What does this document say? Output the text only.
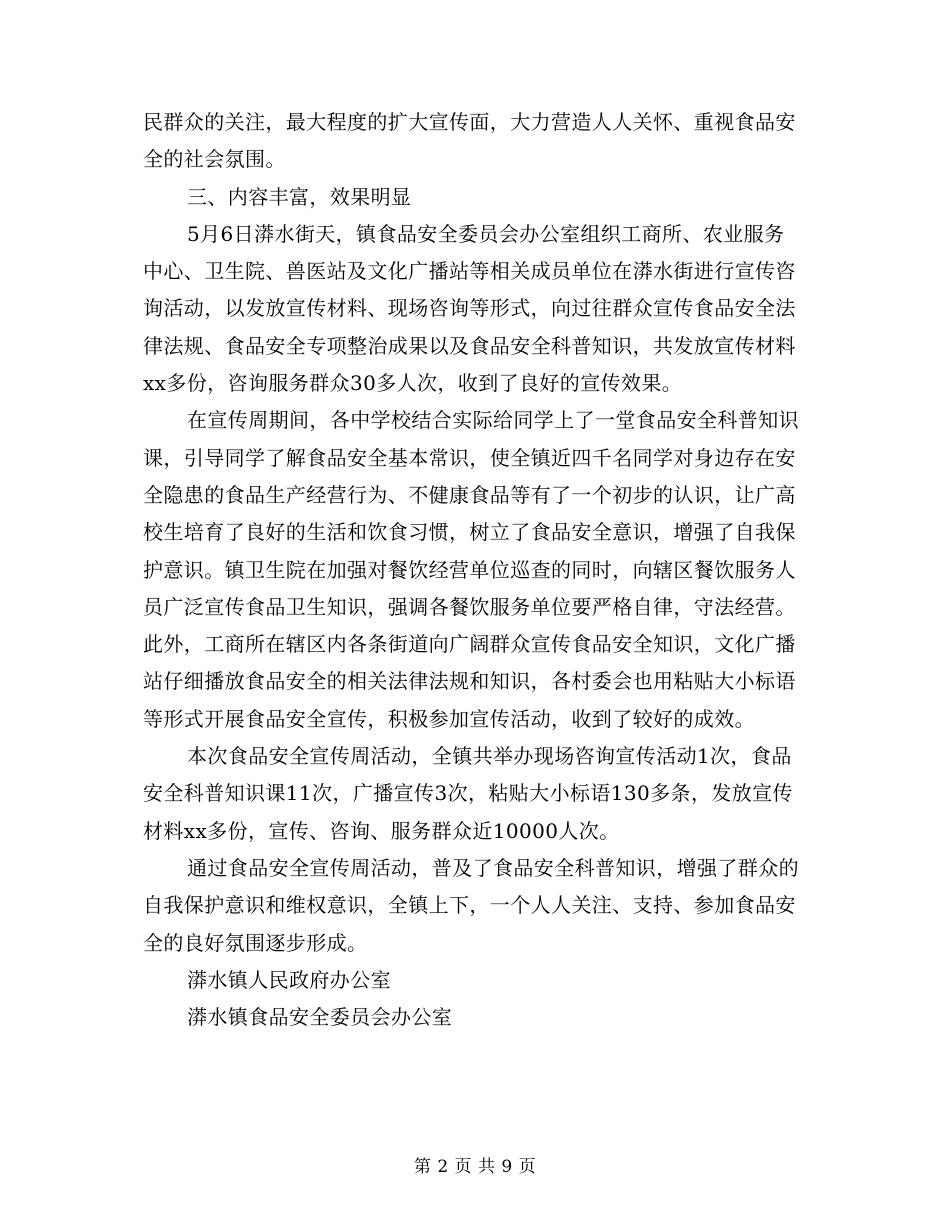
民群众的关注，最大程度的扩大宣传面，大力营造人人关怀、重视食品安全的社会氛围。

三、内容丰富，效果明显

5月6日漭水街天，镇食品安全委员会办公室组织工商所、农业服务中心、卫生院、兽医站及文化广播站等相关成员单位在漭水街进行宣传咨询活动，以发放宣传材料、现场咨询等形式，向过往群众宣传食品安全法律法规、食品安全专项整治成果以及食品安全科普知识，共发放宣传材料xx多份，咨询服务群众30多人次，收到了良好的宣传效果。

在宣传周期间，各中学校结合实际给同学上了一堂食品安全科普知识课，引导同学了解食品安全基本常识，使全镇近四千名同学对身边存在安全隐患的食品生产经营行为、不健康食品等有了一个初步的认识，让广高校生培育了良好的生活和饮食习惯，树立了食品安全意识，增强了自我保护意识。镇卫生院在加强对餐饮经营单位巡查的同时，向辖区餐饮服务人员广泛宣传食品卫生知识，强调各餐饮服务单位要严格自律，守法经营。此外，工商所在辖区内各条街道向广阔群众宣传食品安全知识，文化广播站仔细播放食品安全的相关法律法规和知识，各村委会也用粘贴大小标语等形式开展食品安全宣传，积极参加宣传活动，收到了较好的成效。

本次食品安全宣传周活动，全镇共举办现场咨询宣传活动1次，食品安全科普知识课11次，广播宣传3次，粘贴大小标语130多条，发放宣传材料xx多份，宣传、咨询、服务群众近10000人次。

通过食品安全宣传周活动，普及了食品安全科普知识，增强了群众的自我保护意识和维权意识，全镇上下，一个人人关注、支持、参加食品安全的良好氛围逐步形成。

漭水镇人民政府办公室

漭水镇食品安全委员会办公室

第 2 页 共 9 页
